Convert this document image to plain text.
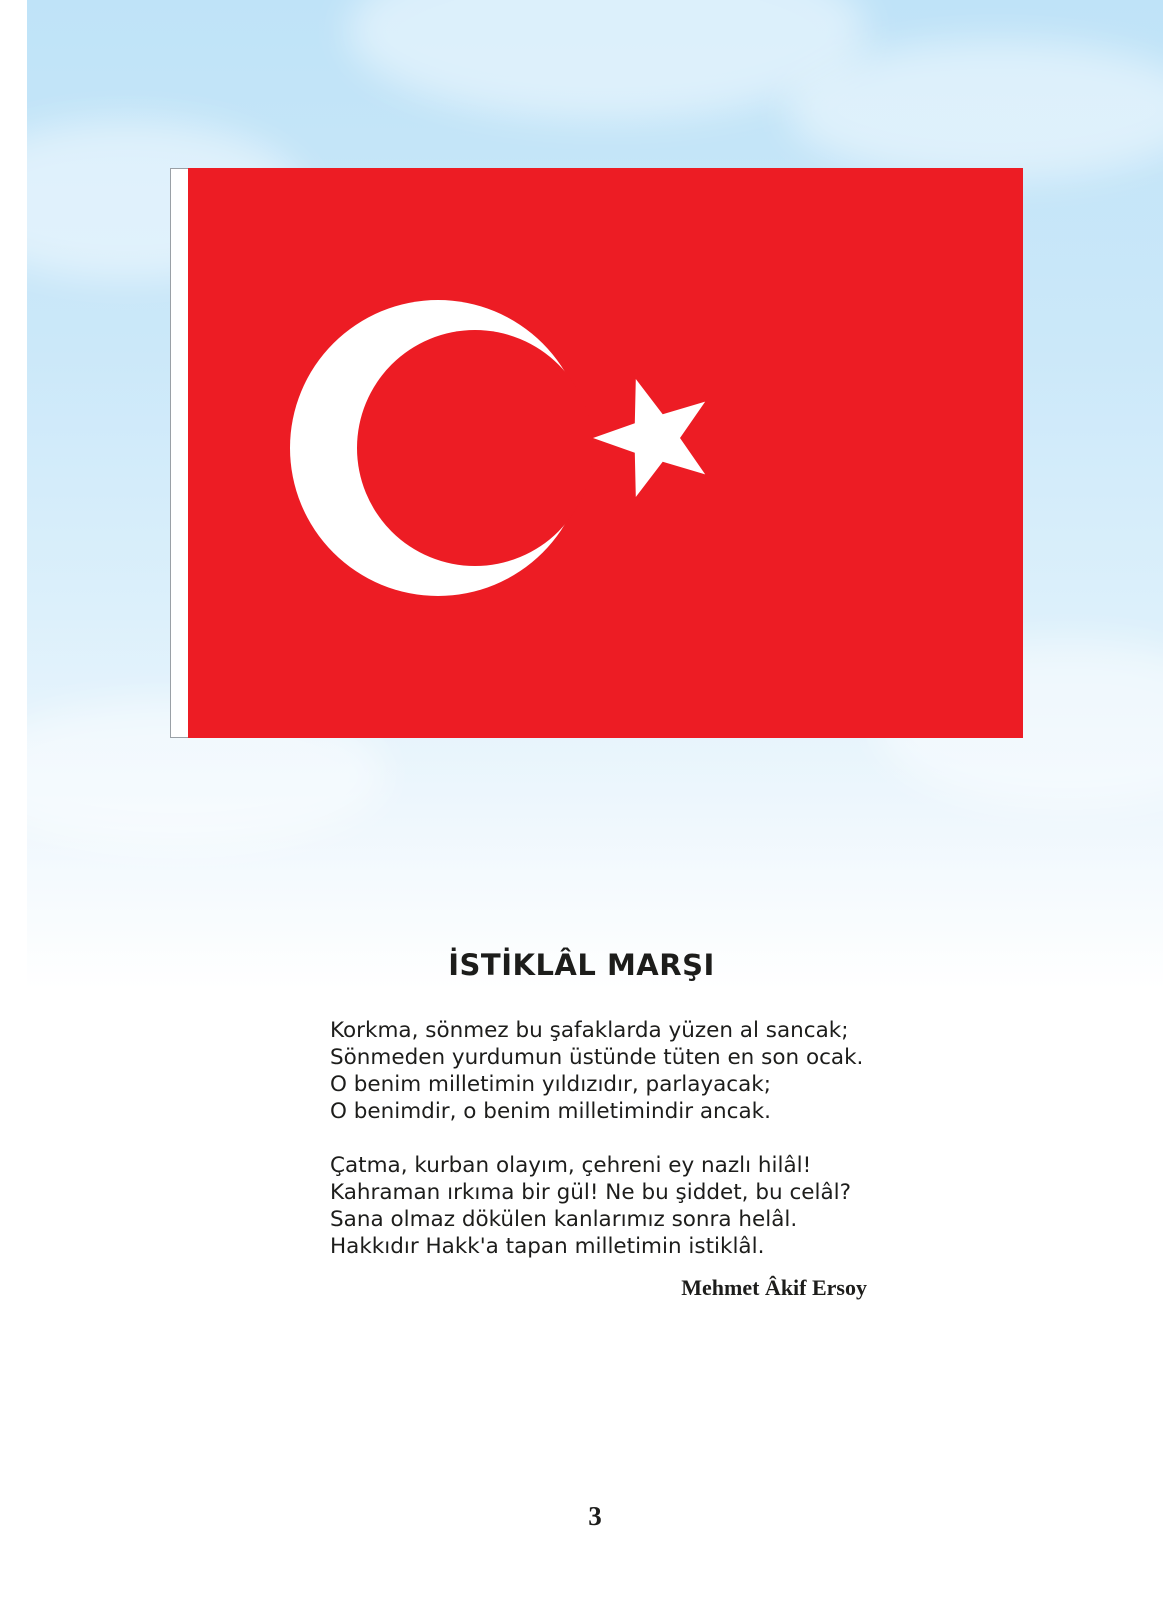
İSTİKLÂL MARŞI
Korkma, sönmez bu şafaklarda yüzen al sancak;
Sönmeden yurdumun üstünde tüten en son ocak.
O benim milletimin yıldızıdır, parlayacak;
O benimdir, o benim milletimindir ancak.
Çatma, kurban olayım, çehreni ey nazlı hilâl!
Kahraman ırkıma bir gül! Ne bu şiddet, bu celâl?
Sana olmaz dökülen kanlarımız sonra helâl.
Hakkıdır Hakk'a tapan milletimin istiklâl.
Mehmet Âkif Ersoy
3
